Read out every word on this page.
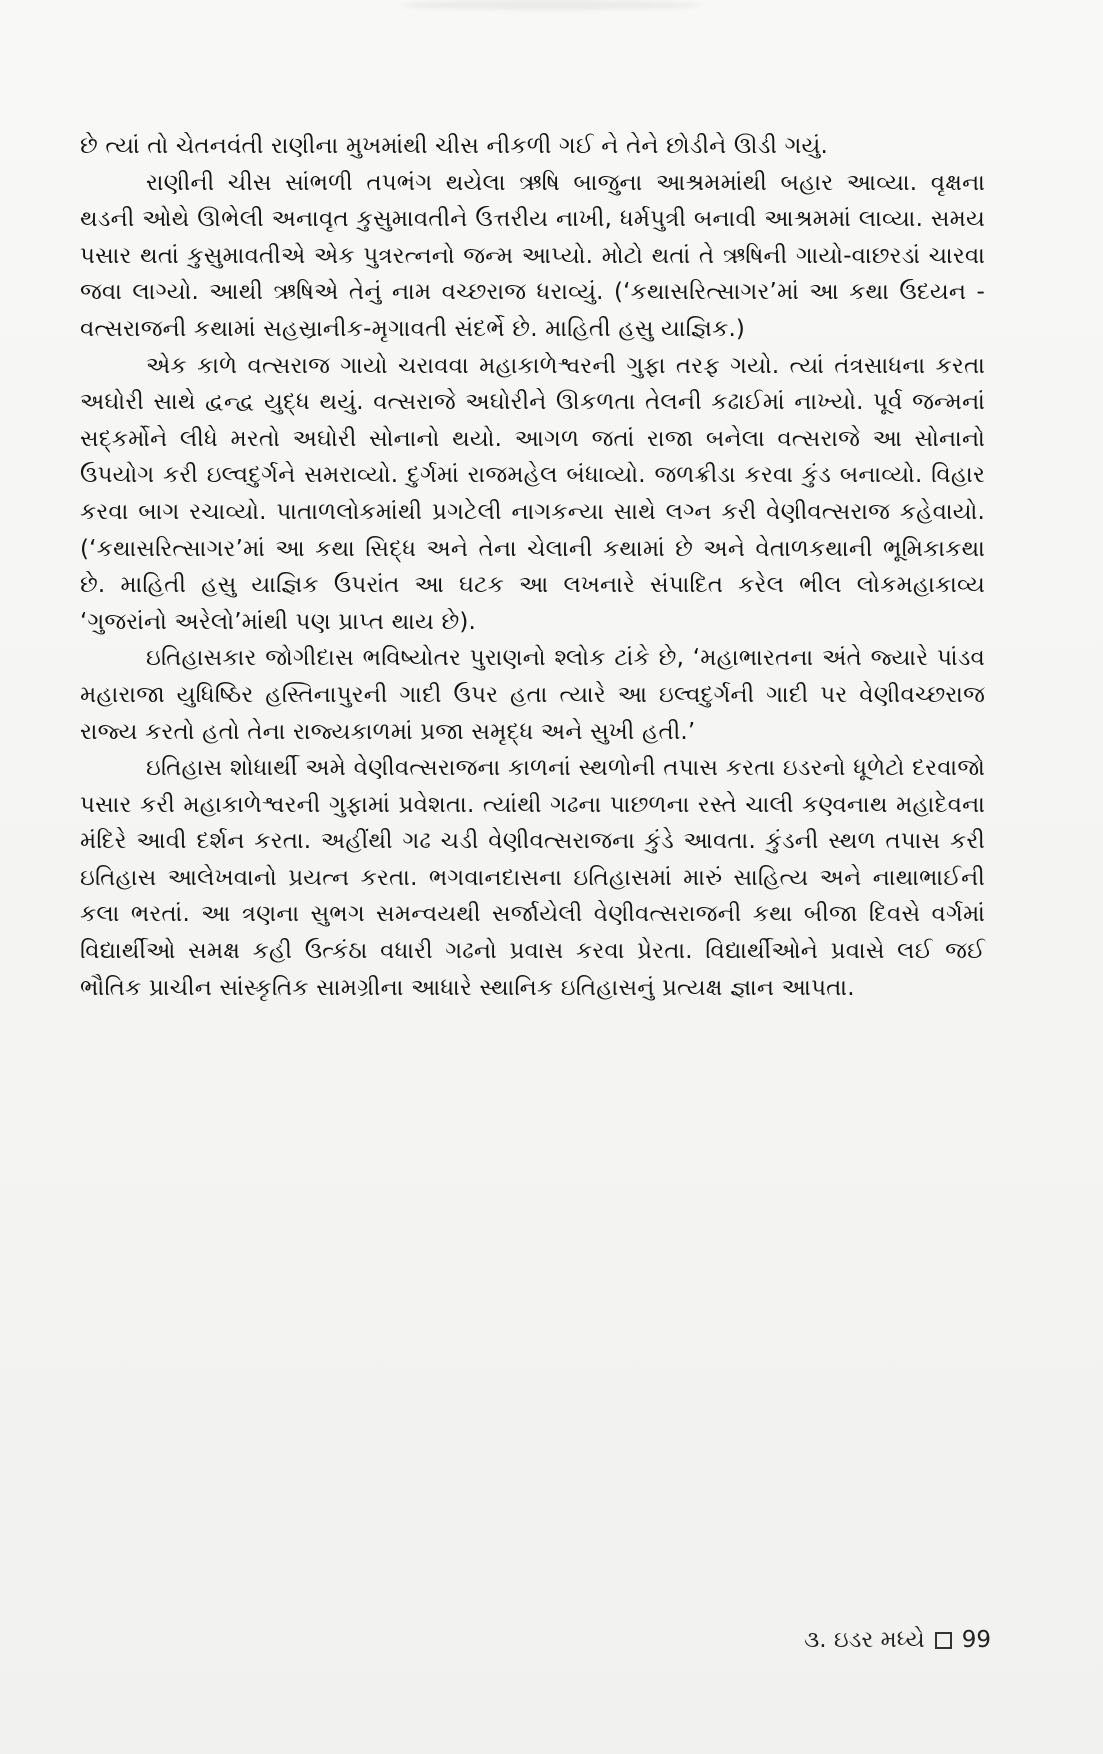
છે ત્યાં તો ચેતનવંતી રાણીના મુખમાંથી ચીસ નીકળી ગઈ ને તેને છોડીને ઊડી ગયું.

રાણીની ચીસ સાંભળી તપભંગ થયેલા ઋષિ બાજુના આશ્રમમાંથી બહાર આવ્યા. વૃક્ષના થડની ઓથે ઊભેલી અનાવૃત કુસુમાવતીને ઉત્તરીય નાખી, ધર્મપુત્રી બનાવી આશ્રમમાં લાવ્યા. સમય પસાર થતાં કુસુમાવતીએ એક પુત્રરત્નનો જન્મ આપ્યો. મોટો થતાં તે ઋષિની ગાયો-વાછરડાં ચારવા જવા લાગ્યો. આથી ઋષિએ તેનું નામ વચ્છરાજ ધરાવ્યું. (‘કથાસરિત્સાગર’માં આ કથા ઉદયન - વત્સરાજની કથામાં સહસ્રાનીક-મૃગાવતી સંદર્ભે છે. માહિતી હસુ યાજ્ઞિક.)

એક કાળે વત્સરાજ ગાયો ચરાવવા મહાકાળેશ્વરની ગુફા તરફ ગયો. ત્યાં તંત્રસાધના કરતા અઘોરી સાથે દ્વન્દ્વ યુદ્ધ થયું. વત્સરાજે અઘોરીને ઊકળતા તેલની કઢાઈમાં નાખ્યો. પૂર્વ જન્મનાં સદ્કર્મોને લીધે મરતો અઘોરી સોનાનો થયો. આગળ જતાં રાજા બનેલા વત્સરાજે આ સોનાનો ઉપયોગ કરી ઇલ્વદુર્ગને સમરાવ્યો. દુર્ગમાં રાજમહેલ બંધાવ્યો. જળક્રીડા કરવા કુંડ બનાવ્યો. વિહાર કરવા બાગ રચાવ્યો. પાતાળલોકમાંથી પ્રગટેલી નાગકન્યા સાથે લગ્ન કરી વેણીવત્સરાજ કહેવાયો. (‘કથાસરિત્સાગર’માં આ કથા સિદ્ધ અને તેના ચેલાની કથામાં છે અને વેતાળકથાની ભૂમિકાકથા છે. માહિતી હસુ યાજ્ઞિક ઉપરાંત આ ઘટક આ લખનારે સંપાદિત કરેલ ભીલ લોકમહાકાવ્ય ‘ગુજરાંનો અરેલો’માંથી પણ પ્રાપ્ત થાય છે).

ઇતિહાસકાર જોગીદાસ ભવિષ્યોતર પુરાણનો શ્લોક ટાંકે છે, ‘મહાભારતના અંતે જ્યારે પાંડવ મહારાજા યુધિષ્ઠિર હસ્તિનાપુરની ગાદી ઉપર હતા ત્યારે આ ઇલ્વદુર્ગની ગાદી પર વેણીવચ્છરાજ રાજ્ય કરતો હતો તેના રાજ્યકાળમાં પ્રજા સમૃદ્ધ અને સુખી હતી.’

ઇતિહાસ શોધાર્થી અમે વેણીવત્સરાજના કાળનાં સ્થળોની તપાસ કરતા ઇડરનો ધૂળેટો દરવાજો પસાર કરી મહાકાળેશ્વરની ગુફામાં પ્રવેશતા. ત્યાંથી ગઢના પાછળના રસ્તે ચાલી કણ્વનાથ મહાદેવના મંદિરે આવી દર્શન કરતા. અહીંથી ગઢ ચડી વેણીવત્સરાજના કુંડે આવતા. કુંડની સ્થળ તપાસ કરી ઇતિહાસ આલેખવાનો પ્રયત્ન કરતા. ભગવાનદાસના ઇતિહાસમાં મારું સાહિત્ય અને નાથાભાઈની કલા ભરતાં. આ ત્રણના સુભગ સમન્વયથી સર્જાયેલી વેણીવત્સરાજની કથા બીજા દિવસે વર્ગમાં વિદ્યાર્થીઓ સમક્ષ કહી ઉત્કંઠા વધારી ગઢનો પ્રવાસ કરવા પ્રેરતા. વિદ્યાર્થીઓને પ્રવાસે લઈ જઈ ભૌતિક પ્રાચીન સાંસ્કૃતિક સામગ્રીના આધારે સ્થાનિક ઇતિહાસનું પ્રત્યક્ષ જ્ઞાન આપતા.

૩. ઇડર મધ્યે 99
